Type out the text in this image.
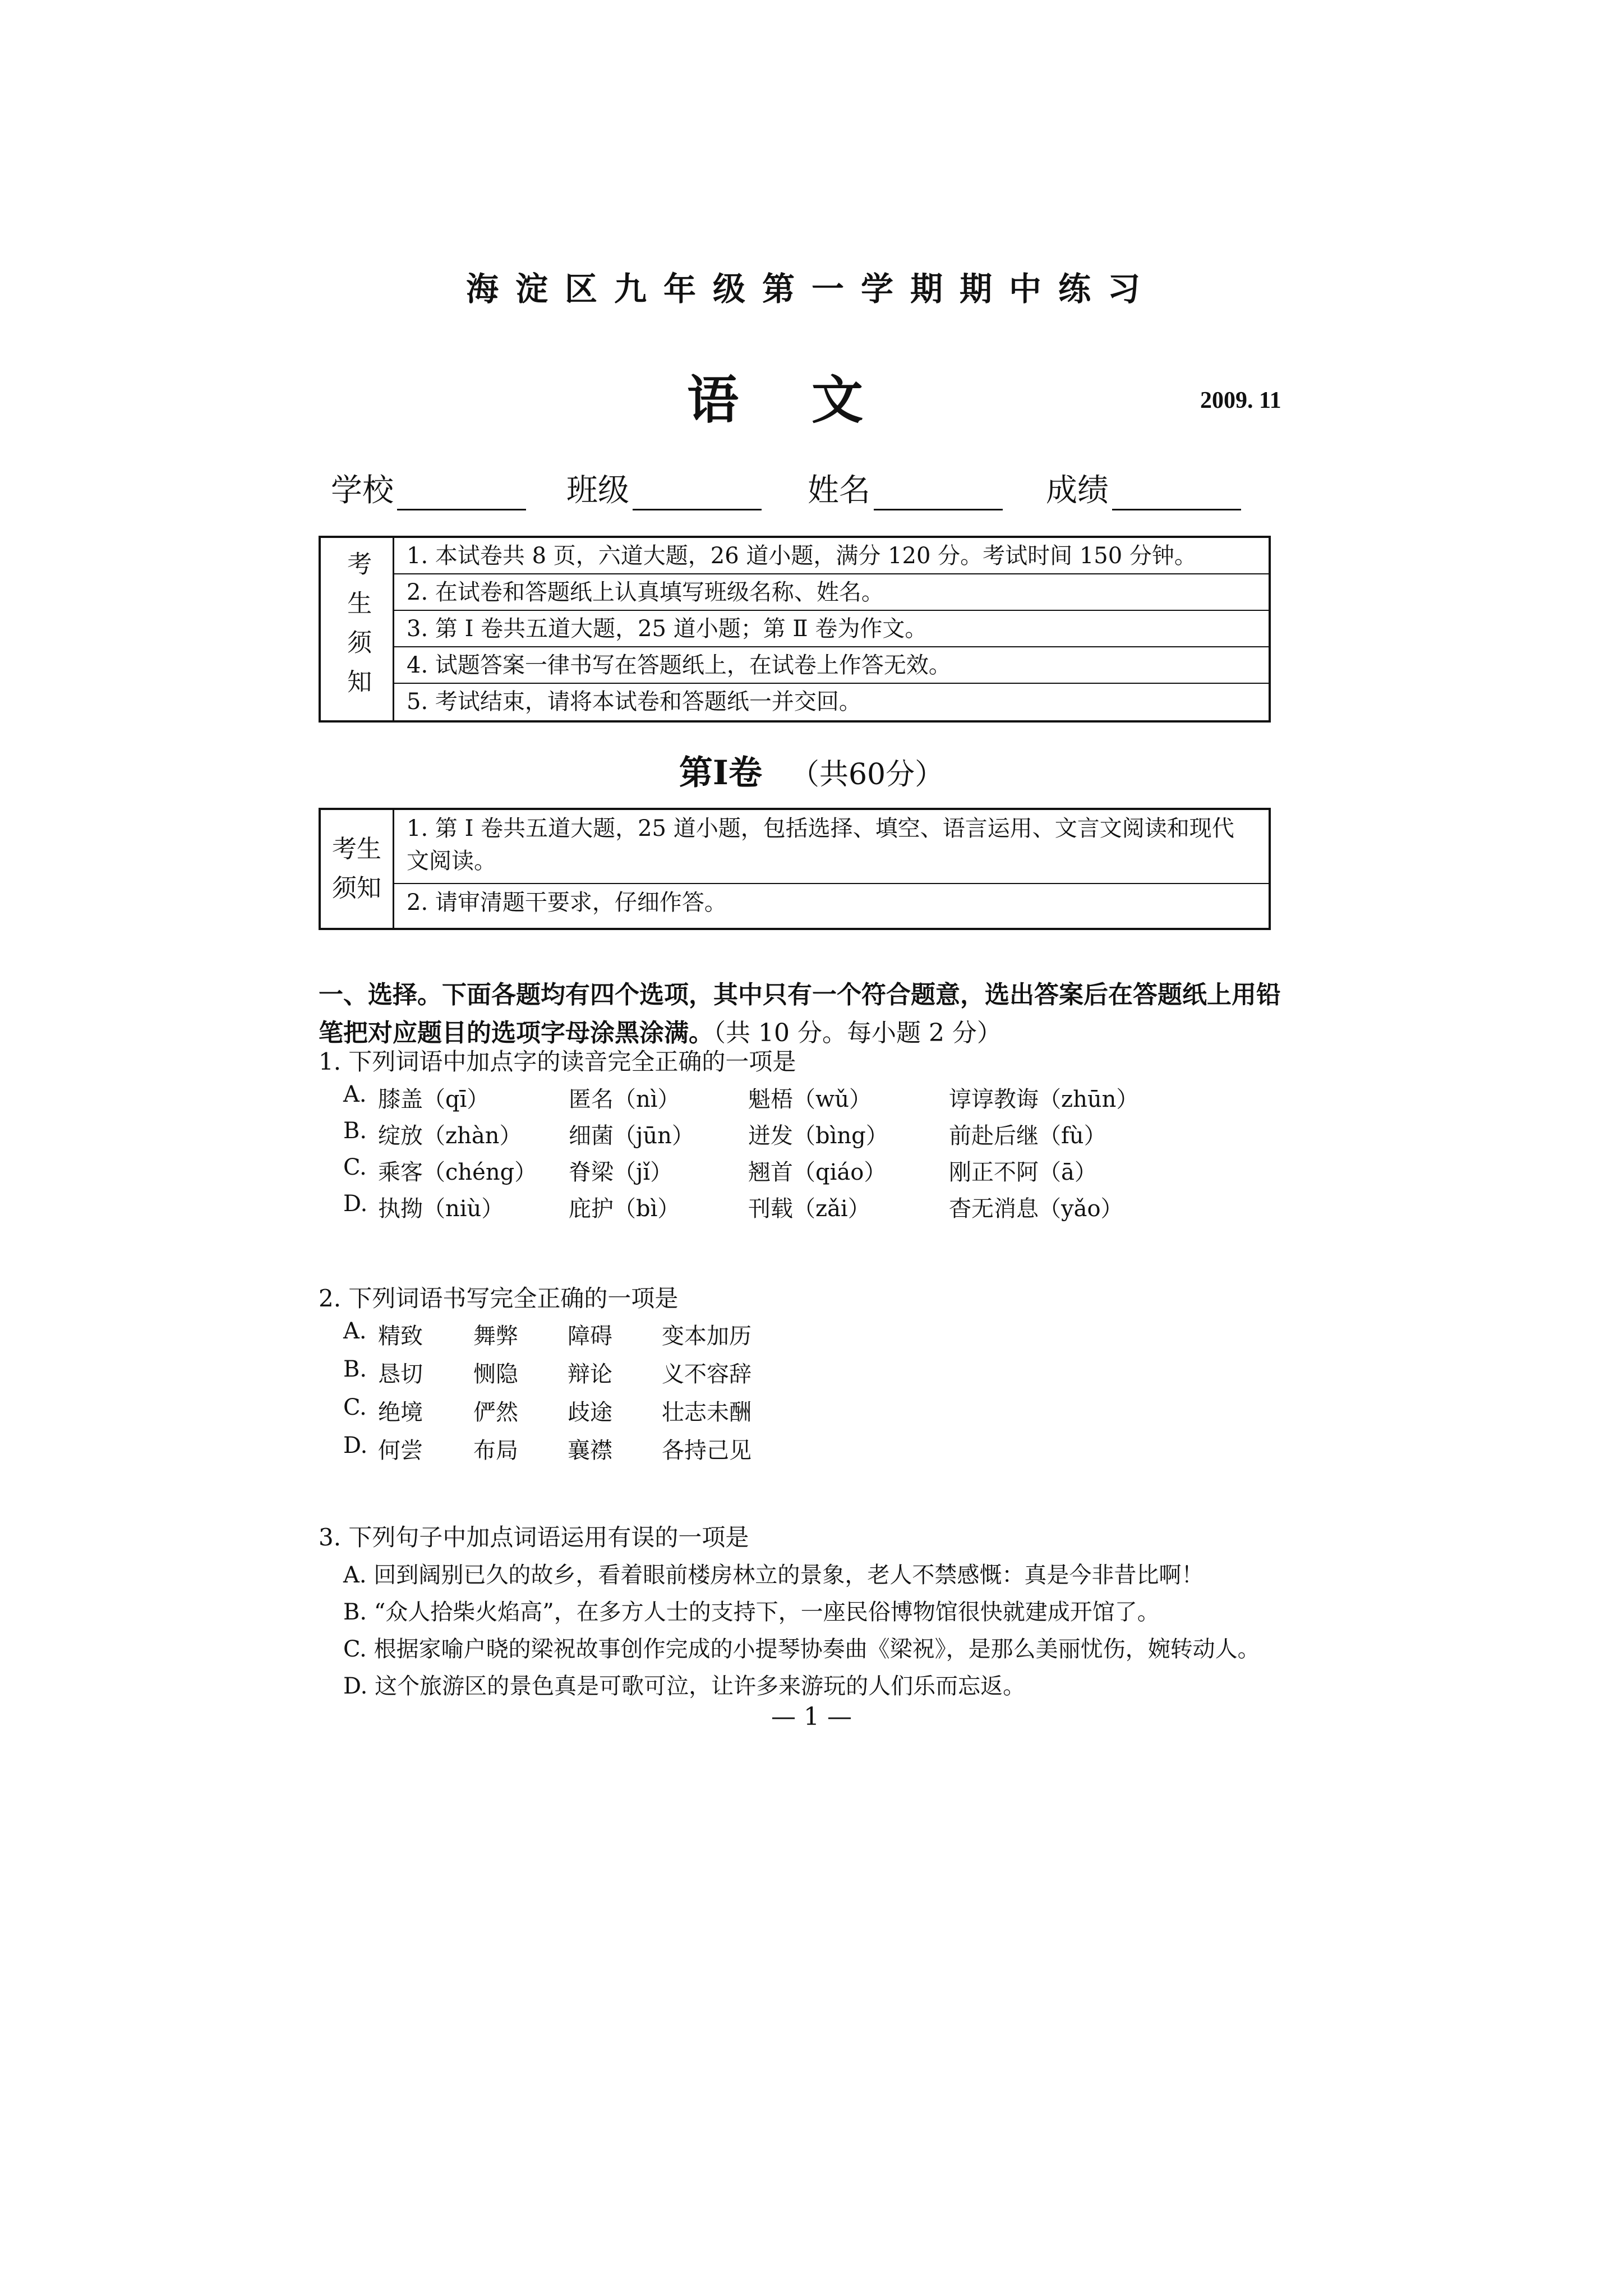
海淀区九年级第一学期期中练习
语文	2009. 11
学校	班级	姓名	成绩
考生须知	1. 本试卷共 8 页，六道大题，26 道小题，满分 120 分。考试时间 150 分钟。
2. 在试卷和答题纸上认真填写班级名称、姓名。
3. 第 Ⅰ 卷共五道大题，25 道小题；第 Ⅱ 卷为作文。
4. 试题答案一律书写在答题纸上，在试卷上作答无效。
5. 考试结束，请将本试卷和答题纸一并交回。
第Ⅰ卷 （共60分）
考生
须知
1. 第 Ⅰ 卷共五道大题，25 道小题，包括选择、填空、语言运用、文言文阅读和现代文阅读。
2. 请审清题干要求，仔细作答。
一、选择。下面各题均有四个选项，其中只有一个符合题意，选出答案后在答题纸上用铅笔把对应题目的选项字母涂黑涂满。（共 10 分。每小题 2 分）
1. 下列词语中加点字的读音完全正确的一项是
A. 膝盖（qī）	匿名（nì）	魁梧（wǔ）	谆谆教诲（zhūn）
B. 绽放（zhàn） 细菌（jūn） 迸发（bìng）	前赴后继（fù）
C. 乘客（chéng） 脊梁（jǐ）	翘首（qiáo）	刚正不阿（ā）
D. 执拗（niù）	庇护（bì）	刊载（zǎi）	杳无消息（yǎo）
2. 下列词语书写完全正确的一项是
A. 精致 舞弊 障碍 变本加历
B. 恳切 恻隐 辩论 义不容辞
C. 绝境 俨然 歧途 壮志未酬
D. 何尝 布局 襄襟 各持己见
3. 下列句子中加点词语运用有误的一项是
A. 回到阔别已久的故乡，看着眼前楼房林立的景象，老人不禁感慨：真是今非昔比啊！
B. “众人拾柴火焰高”，在多方人士的支持下，一座民俗博物馆很快就建成开馆了。
C. 根据家喻户晓的梁祝故事创作完成的小提琴协奏曲《梁祝》，是那么美丽忧伤，婉转动人。
D. 这个旅游区的景色真是可歌可泣，让许多来游玩的人们乐而忘返。
— 1 —
